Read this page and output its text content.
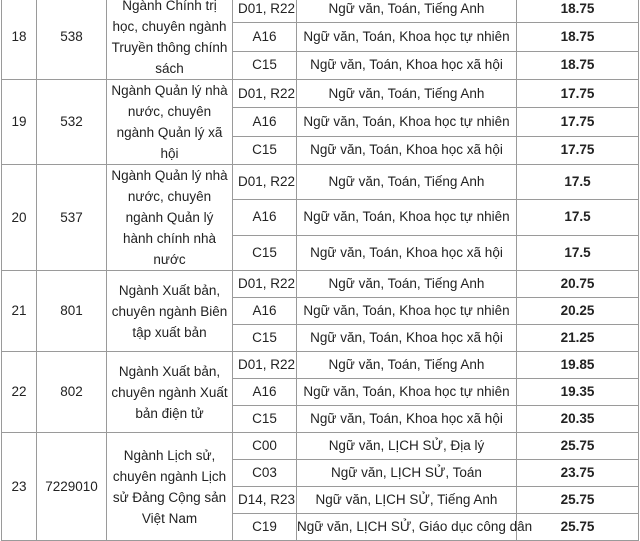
18	538	Ngành Chính trị học, chuyên ngành Truyền thông chính sách	D01, R22	Ngữ văn, Toán, Tiếng Anh	18.75
			A16	Ngữ văn, Toán, Khoa học tự nhiên	18.75
			C15	Ngữ văn, Toán, Khoa học xã hội	18.75
19	532	Ngành Quản lý nhà nước, chuyên ngành Quản lý xã hội	D01, R22	Ngữ văn, Toán, Tiếng Anh	17.75
			A16	Ngữ văn, Toán, Khoa học tự nhiên	17.75
			C15	Ngữ văn, Toán, Khoa học xã hội	17.75
20	537	Ngành Quản lý nhà nước, chuyên ngành Quản lý hành chính nhà nước	D01, R22	Ngữ văn, Toán, Tiếng Anh	17.5
			A16	Ngữ văn, Toán, Khoa học tự nhiên	17.5
			C15	Ngữ văn, Toán, Khoa học xã hội	17.5
21	801	Ngành Xuất bản, chuyên ngành Biên tập xuất bản	D01, R22	Ngữ văn, Toán, Tiếng Anh	20.75
			A16	Ngữ văn, Toán, Khoa học tự nhiên	20.25
			C15	Ngữ văn, Toán, Khoa học xã hội	21.25
22	802	Ngành Xuất bản, chuyên ngành Xuất bản điện tử	D01, R22	Ngữ văn, Toán, Tiếng Anh	19.85
			A16	Ngữ văn, Toán, Khoa học tự nhiên	19.35
			C15	Ngữ văn, Toán, Khoa học xã hội	20.35
23	7229010	Ngành Lịch sử, chuyên ngành Lịch sử Đảng Cộng sản Việt Nam	C00	Ngữ văn, LỊCH SỬ, Địa lý	25.75
			C03	Ngữ văn, LỊCH SỬ, Toán	23.75
			D14, R23	Ngữ văn, LỊCH SỬ, Tiếng Anh	25.75
			C19	Ngữ văn, LỊCH SỬ, Giáo dục công dân	25.75
